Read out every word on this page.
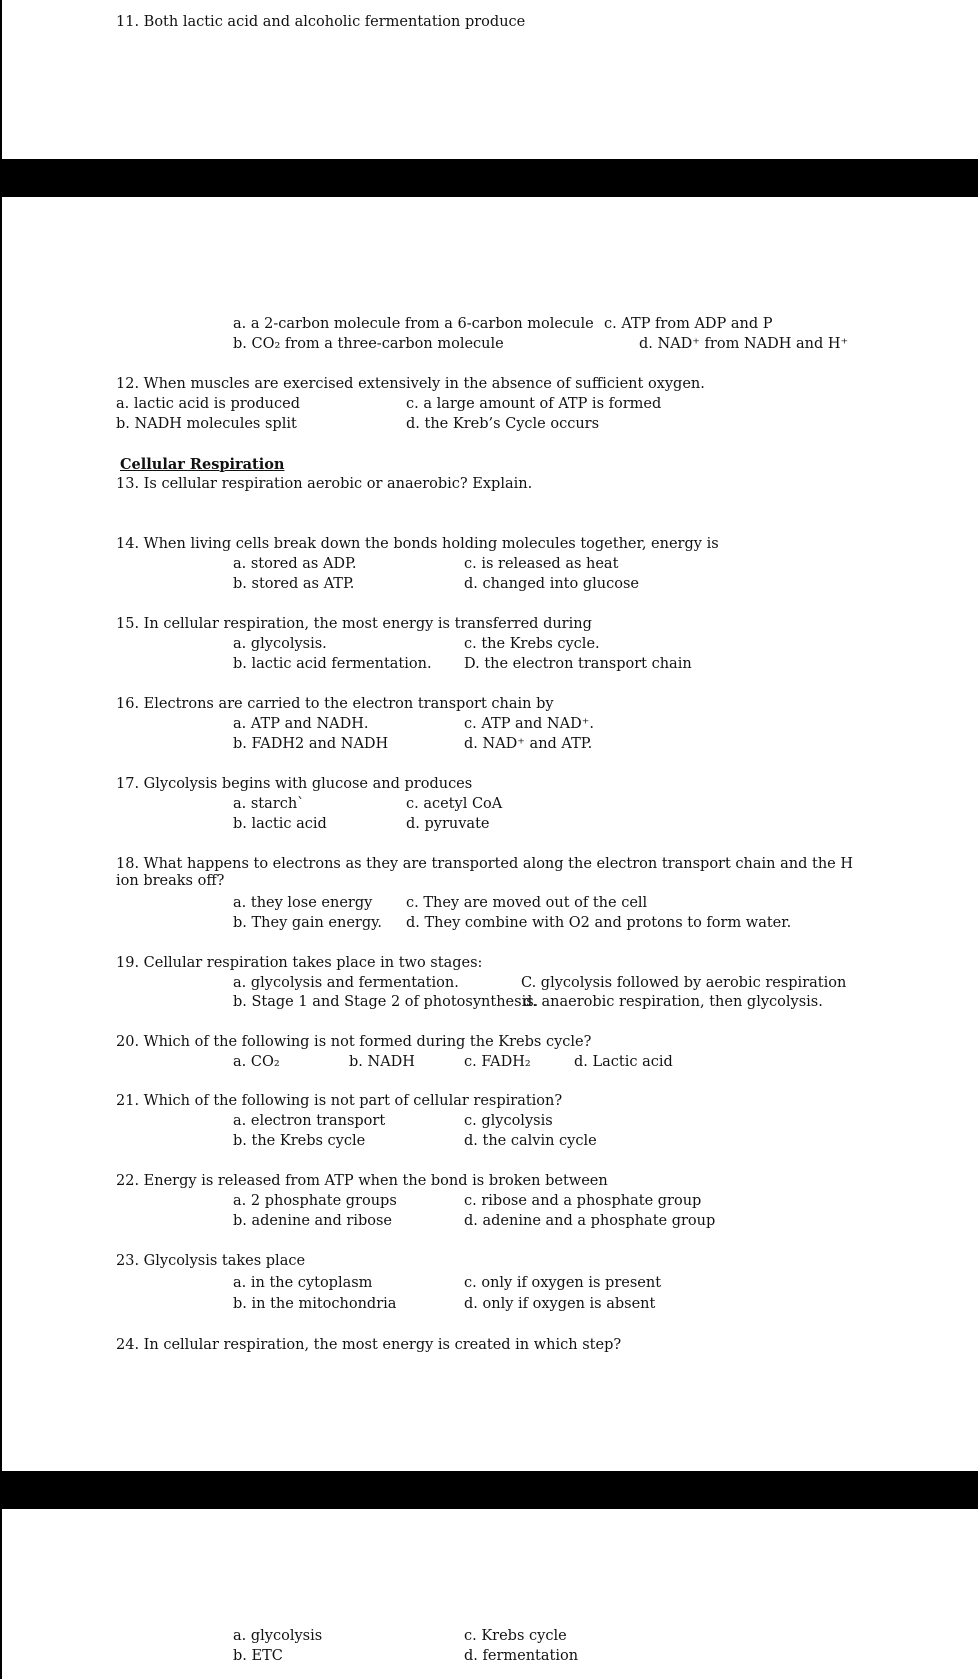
11. Both lactic acid and alcoholic fermentation produce
a. a 2-carbon molecule from a 6-carbon molecule c. ATP from ADP and P
b. CO₂ from a three-carbon molecule	d. NAD⁺ from NADH and H⁺
12. When muscles are exercised extensively in the absence of sufficient oxygen.
a. lactic acid is produced	c. a large amount of ATP is formed
b. NADH molecules split	d. the Kreb’s Cycle occurs
Cellular Respiration
13. Is cellular respiration aerobic or anaerobic? Explain.
14. When living cells break down the bonds holding molecules together, energy is
a. stored as ADP.	c. is released as heat
b. stored as ATP.	d. changed into glucose
15. In cellular respiration, the most energy is transferred during
a. glycolysis.	c. the Krebs cycle.
b. lactic acid fermentation. D. the electron transport chain
16. Electrons are carried to the electron transport chain by
a. ATP and NADH.	c. ATP and NAD⁺.
b. FADH2 and NADH	d. NAD⁺ and ATP.
17. Glycolysis begins with glucose and produces
a. starch`	c. acetyl CoA
b. lactic acid	d. pyruvate
18. What happens to electrons as they are transported along the electron transport chain and the H ion breaks off?
a. they lose energy c. They are moved out of the cell
b. They gain energy. d. They combine with O2 and protons to form water.
19. Cellular respiration takes place in two stages:
a. glycolysis and fermentation.	C. glycolysis followed by aerobic respiration
b. Stage 1 and Stage 2 of photosynthesis.
d. anaerobic respiration, then glycolysis.
20. Which of the following is not formed during the Krebs cycle?
a. CO₂	b. NADH	c. FADH₂	d. Lactic acid
21. Which of the following is not part of cellular respiration?
a. electron transport	c. glycolysis
b. the Krebs cycle	d. the calvin cycle
22. Energy is released from ATP when the bond is broken between
a. 2 phosphate groups	c. ribose and a phosphate group
b. adenine and ribose	d. adenine and a phosphate group
23. Glycolysis takes place
a. in the cytoplasm	c. only if oxygen is present
b. in the mitochondria	d. only if oxygen is absent
24. In cellular respiration, the most energy is created in which step?
a. glycolysis	c. Krebs cycle
b. ETC	d. fermentation
